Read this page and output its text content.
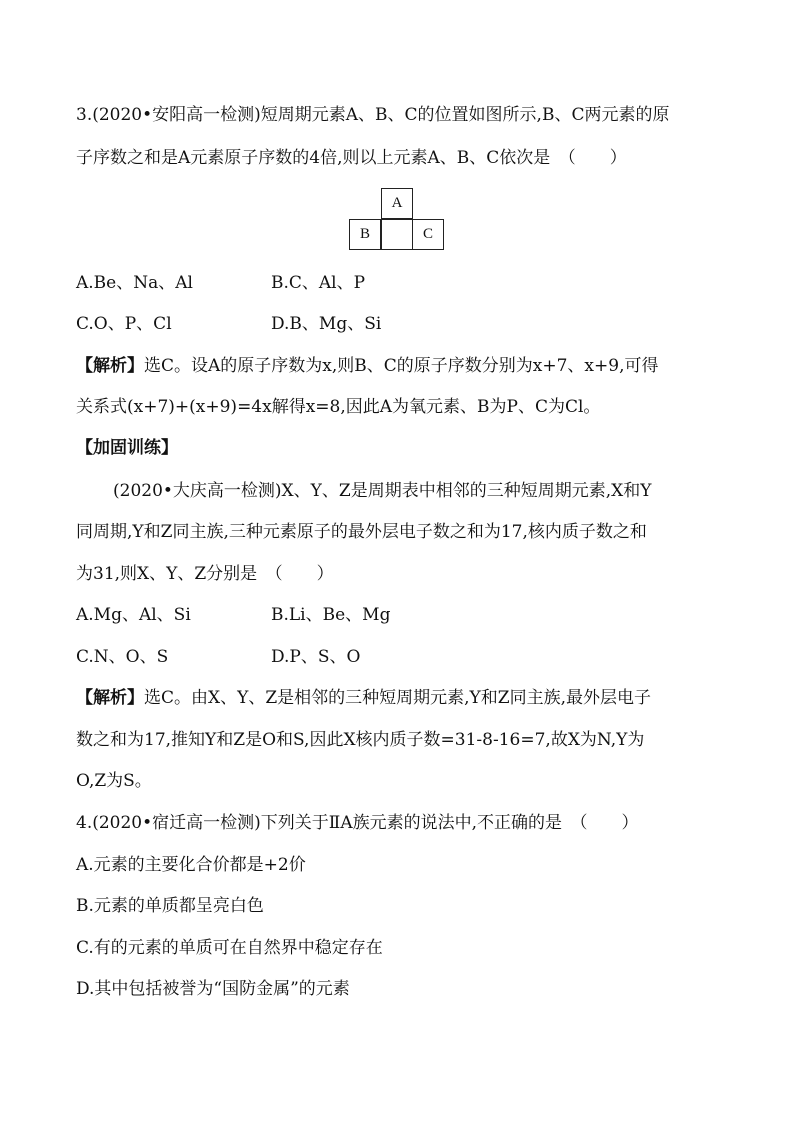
3.(2020•安阳高一检测)短周期元素A、B、C的位置如图所示,B、C两元素的原
子序数之和是A元素原子序数的4倍,则以上元素A、B、C依次是　（　　）
A
B	C
A.Be、Na、Al	B.C、Al、P
C.O、P、Cl	D.B、Mg、Si
【解析】选C。设A的原子序数为x,则B、C的原子序数分别为x+7、x+9,可得
关系式(x+7)+(x+9)=4x解得x=8,因此A为氧元素、B为P、C为Cl。
【加固训练】
(2020•大庆高一检测)X、Y、Z是周期表中相邻的三种短周期元素,X和Y
同周期,Y和Z同主族,三种元素原子的最外层电子数之和为17,核内质子数之和
为31,则X、Y、Z分别是　（　　）
A.Mg、Al、Si	B.Li、Be、Mg
C.N、O、S	D.P、S、O
【解析】选C。由X、Y、Z是相邻的三种短周期元素,Y和Z同主族,最外层电子
数之和为17,推知Y和Z是O和S,因此X核内质子数=31-8-16=7,故X为N,Y为
O,Z为S。
4.(2020•宿迁高一检测)下列关于ⅡA族元素的说法中,不正确的是　（　　）
A.元素的主要化合价都是+2价
B.元素的单质都呈亮白色
C.有的元素的单质可在自然界中稳定存在
D.其中包括被誉为“国防金属”的元素
